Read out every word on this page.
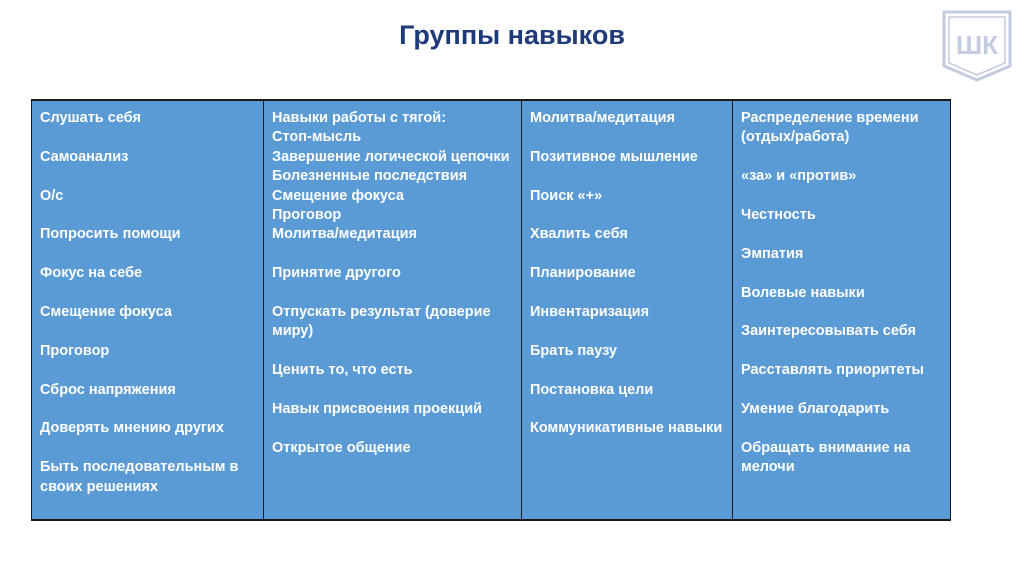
Группы навыков	ШК
Слушать себя
Самоанализ
О/с
Попросить помощи
Фокус на себе
Смещение фокуса
Проговор
Сброс напряжения
Доверять мнению других
Быть последовательным в своих решениях
Навыки работы с тягой:
Стоп-мысль
Завершение логической цепочки
Болезненные последствия
Смещение фокуса
Проговор
Молитва/медитация
Принятие другого
Отпускать результат (доверие миру)
Ценить то, что есть
Навык присвоения проекций
Открытое общение
Молитва/медитация
Позитивное мышление
Поиск «+»
Хвалить себя
Планирование
Инвентаризация
Брать паузу
Постановка цели
Коммуникативные навыки
Распределение времени (отдых/работа)
«за» и «против»
Честность
Эмпатия
Волевые навыки
Заинтересовывать себя
Расставлять приоритеты
Умение благодарить
Обращать внимание на мелочи
